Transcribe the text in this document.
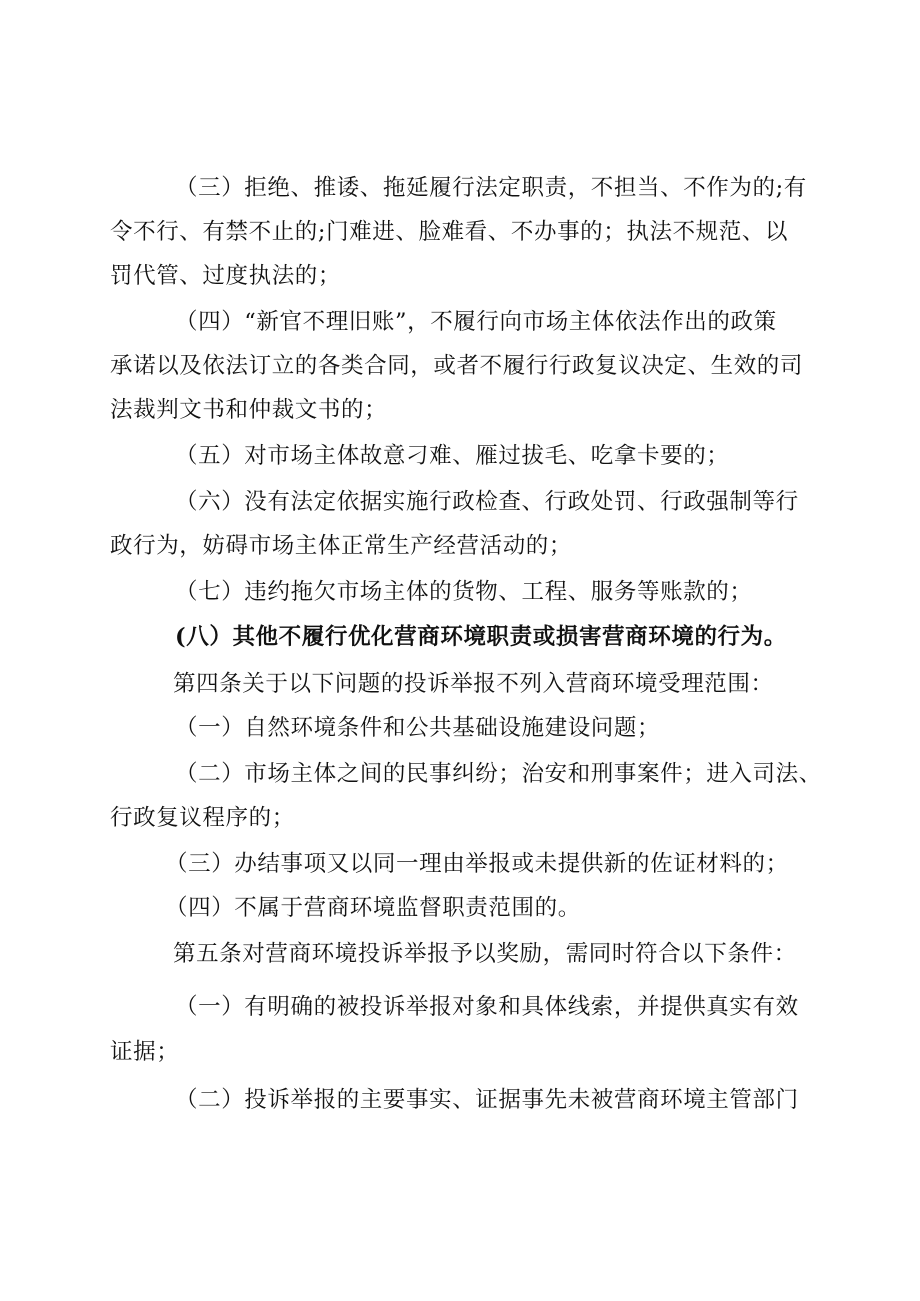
（三）拒绝、推诿、拖延履行法定职责，不担当、不作为的;有
令不行、有禁不止的;门难进、脸难看、不办事的；执法不规范、以
罚代管、过度执法的；
（四）“新官不理旧账”，不履行向市场主体依法作出的政策
承诺以及依法订立的各类合同，或者不履行行政复议决定、生效的司
法裁判文书和仲裁文书的；
（五）对市场主体故意刁难、雁过拔毛、吃拿卡要的；
（六）没有法定依据实施行政检查、行政处罚、行政强制等行
政行为，妨碍市场主体正常生产经营活动的；
（七）违约拖欠市场主体的货物、工程、服务等账款的；
(八）其他不履行优化营商环境职责或损害营商环境的行为。
第四条关于以下问题的投诉举报不列入营商环境受理范围：
（一）自然环境条件和公共基础设施建设问题；
（二）市场主体之间的民事纠纷；治安和刑事案件；进入司法、
行政复议程序的；
（三）办结事项又以同一理由举报或未提供新的佐证材料的；
（四）不属于营商环境监督职责范围的。
第五条对营商环境投诉举报予以奖励，需同时符合以下条件：
（一）有明确的被投诉举报对象和具体线索，并提供真实有效
证据；
（二）投诉举报的主要事实、证据事先未被营商环境主管部门
